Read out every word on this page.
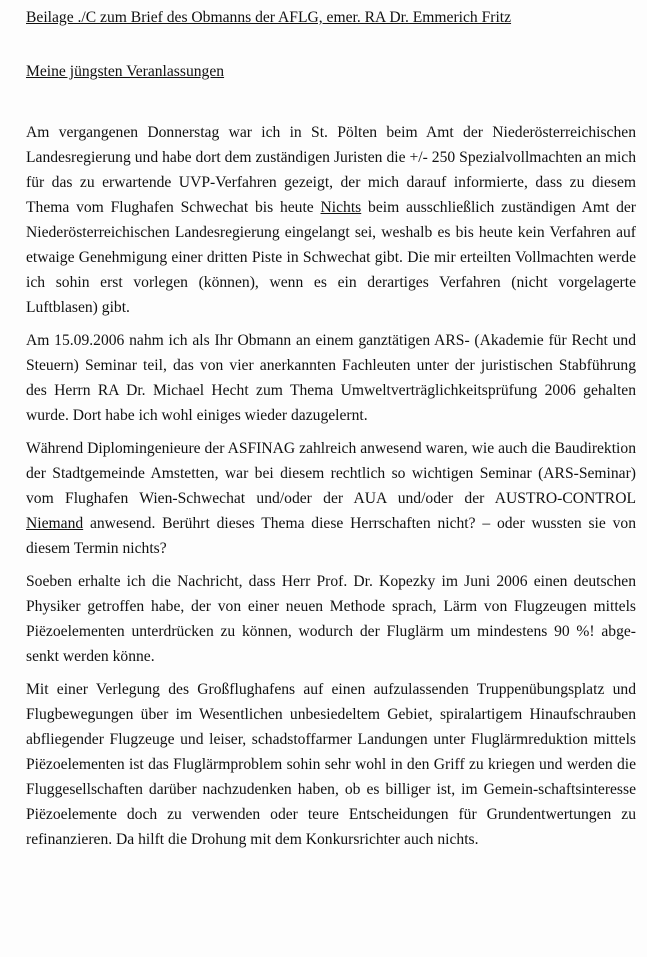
Beilage ./C zum Brief des Obmanns der AFLG, emer. RA Dr. Emmerich Fritz
Meine jüngsten Veranlassungen

Am vergangenen Donnerstag war ich in St. Pölten beim Amt der Niederösterreichischen Landesregierung und habe dort dem zuständigen Juristen die +/- 250 Spezialvollmachten an mich für das zu erwartende UVP-Verfahren gezeigt, der mich darauf informierte, dass zu diesem Thema vom Flughafen Schwechat bis heute Nichts beim ausschließlich zuständigen Amt der Niederösterreichischen Landesregierung eingelangt sei, weshalb es bis heute kein Verfahren auf etwaige Genehmigung einer dritten Piste in Schwechat gibt. Die mir erteilten Vollmachten werde ich sohin erst vorlegen (können), wenn es ein derartiges Verfahren (nicht vorgelagerte Luftblasen) gibt.

Am 15.09.2006 nahm ich als Ihr Obmann an einem ganztätigen ARS- (Akademie für Recht und Steuern) Seminar teil, das von vier anerkannten Fachleuten unter der juristischen Stabführung des Herrn RA Dr. Michael Hecht zum Thema Umweltverträglichkeitsprüfung 2006 gehalten wurde. Dort habe ich wohl einiges wieder dazugelernt.

Während Diplomingenieure der ASFINAG zahlreich anwesend waren, wie auch die Baudirektion der Stadtgemeinde Amstetten, war bei diesem rechtlich so wichtigen Seminar (ARS-Seminar) vom Flughafen Wien-Schwechat und/oder der AUA und/oder der AUSTRO-CONTROL Niemand anwesend. Berührt dieses Thema diese Herrschaften nicht? – oder wussten sie von diesem Termin nichts?

Soeben erhalte ich die Nachricht, dass Herr Prof. Dr. Kopezky im Juni 2006 einen deutschen Physiker getroffen habe, der von einer neuen Methode sprach, Lärm von Flugzeugen mittels Piëzoelementen unterdrücken zu können, wodurch der Fluglärm um mindestens 90 %! abge-senkt werden könne.

Mit einer Verlegung des Großflughafens auf einen aufzulassenden Truppenübungsplatz und Flugbewegungen über im Wesentlichen unbesiedeltem Gebiet, spiralartigem Hinaufschrauben abfliegender Flugzeuge und leiser, schadstoffarmer Landungen unter Fluglärmreduktion mittels Piëzoelementen ist das Fluglärmproblem sohin sehr wohl in den Griff zu kriegen und werden die Fluggesellschaften darüber nachzudenken haben, ob es billiger ist, im Gemein-schaftsinteresse Piëzoelemente doch zu verwenden oder teure Entscheidungen für Grundentwertungen zu refinanzieren. Da hilft die Drohung mit dem Konkursrichter auch nichts.
